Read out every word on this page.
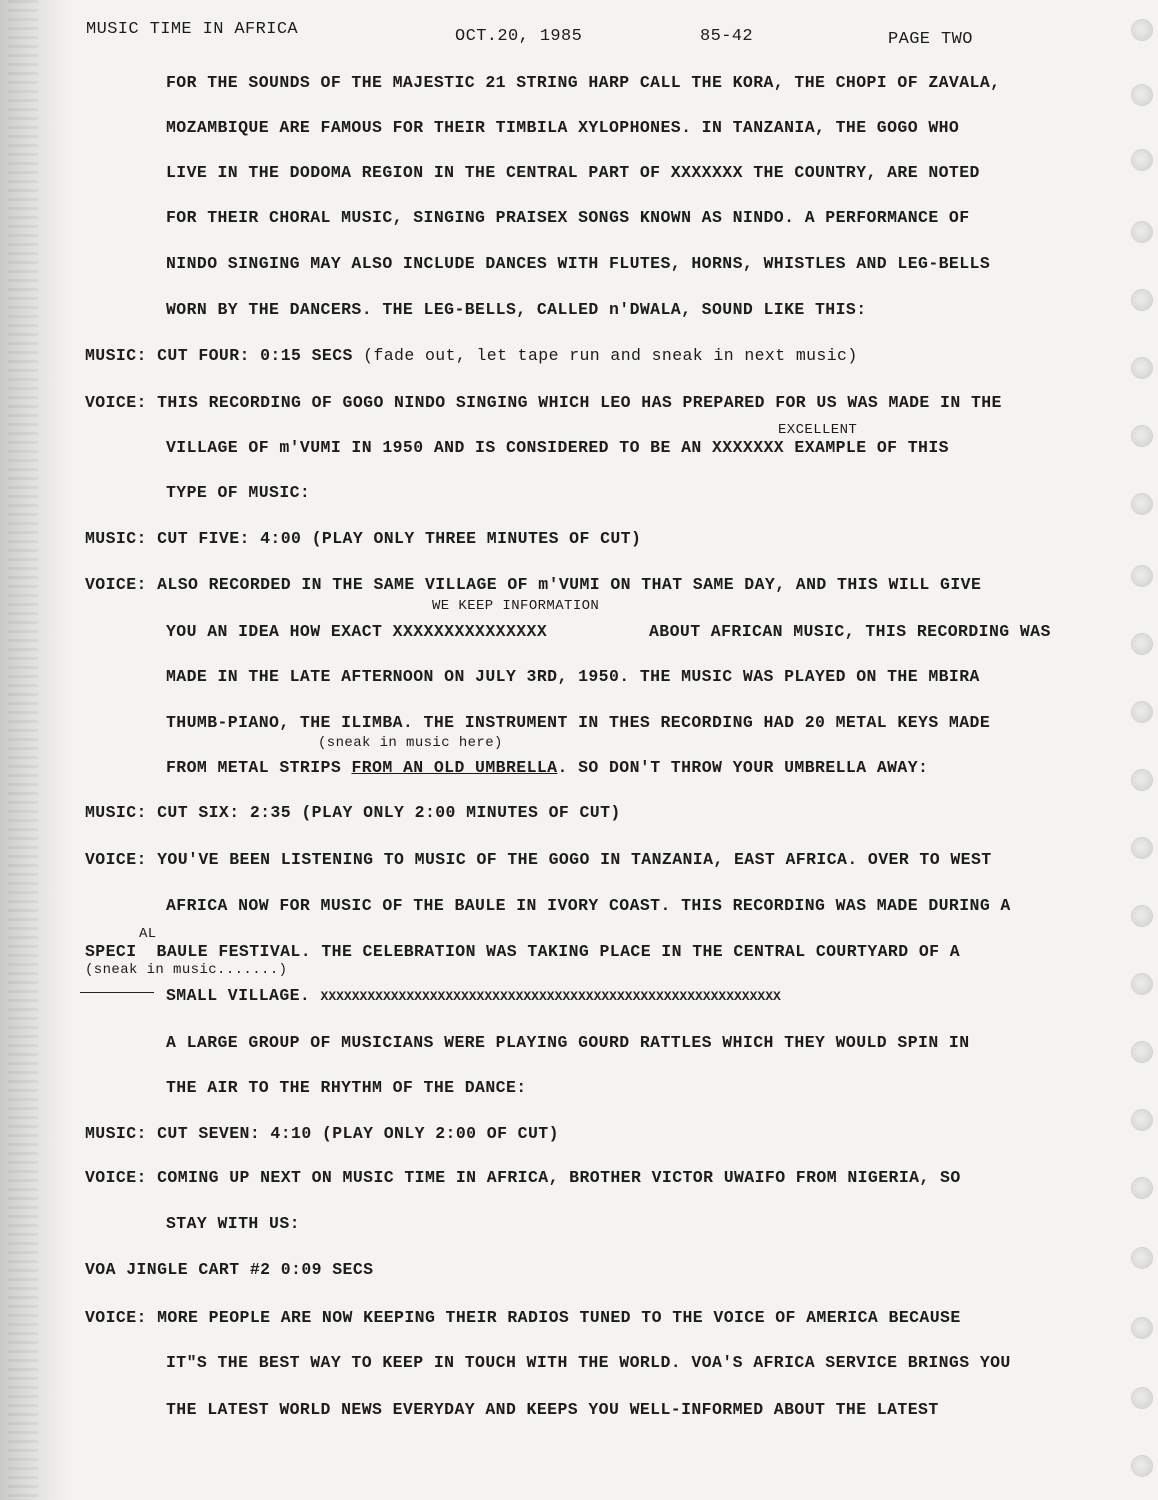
MUSIC TIME IN AFRICA	OCT.20, 1985	85-42	PAGE TWO
FOR THE SOUNDS OF THE MAJESTIC 21 STRING HARP CALL THE KORA, THE CHOPI OF ZAVALA,
MOZAMBIQUE ARE FAMOUS FOR THEIR TIMBILA XYLOPHONES. IN TANZANIA, THE GOGO WHO
LIVE IN THE DODOMA REGION IN THE CENTRAL PART OF XXXXXXX THE COUNTRY, ARE NOTED
FOR THEIR CHORAL MUSIC, SINGING PRAISEX SONGS KNOWN AS NINDO. A PERFORMANCE OF
NINDO SINGING MAY ALSO INCLUDE DANCES WITH FLUTES, HORNS, WHISTLES AND LEG-BELLS
WORN BY THE DANCERS. THE LEG-BELLS, CALLED n'DWALA, SOUND LIKE THIS:
MUSIC: CUT FOUR: 0:15 SECS (fade out, let tape run and sneak in next music)
VOICE: THIS RECORDING OF GOGO NINDO SINGING WHICH LEO HAS PREPARED FOR US WAS MADE IN THE
EXCELLENT
VILLAGE OF m'VUMI IN 1950 AND IS CONSIDERED TO BE AN XXXXXXX EXAMPLE OF THIS
TYPE OF MUSIC:
MUSIC: CUT FIVE: 4:00 (PLAY ONLY THREE MINUTES OF CUT)
VOICE: ALSO RECORDED IN THE SAME VILLAGE OF m'VUMI ON THAT SAME DAY, AND THIS WILL GIVE
WE KEEP INFORMATION
YOU AN IDEA HOW EXACT XXXXXXXXXXXXXXX	ABOUT AFRICAN MUSIC, THIS RECORDING WAS
MADE IN THE LATE AFTERNOON ON JULY 3RD, 1950. THE MUSIC WAS PLAYED ON THE MBIRA
THUMB-PIANO, THE ILIMBA. THE INSTRUMENT IN THES RECORDING HAD 20 METAL KEYS MADE
(sneak in music here)
FROM METAL STRIPS FROM AN OLD UMBRELLA. SO DON'T THROW YOUR UMBRELLA AWAY:
MUSIC: CUT SIX: 2:35 (PLAY ONLY 2:00 MINUTES OF CUT)
VOICE: YOU'VE BEEN LISTENING TO MUSIC OF THE GOGO IN TANZANIA, EAST AFRICA. OVER TO WEST
AFRICA NOW FOR MUSIC OF THE BAULE IN IVORY COAST. THIS RECORDING WAS MADE DURING A
AL
SPECI BAULE FESTIVAL. THE CELEBRATION WAS TAKING PLACE IN THE CENTRAL COURTYARD OF A
(sneak in music.......)
SMALL VILLAGE. XXXXXXXXXXXXXXXXXXXXXXXXXXXXXXXXXXXXXXXXXXXXXXXXXXXXXXXXXXX
A LARGE GROUP OF MUSICIANS WERE PLAYING GOURD RATTLES WHICH THEY WOULD SPIN IN
THE AIR TO THE RHYTHM OF THE DANCE:
MUSIC: CUT SEVEN: 4:10 (PLAY ONLY 2:00 OF CUT)
VOICE: COMING UP NEXT ON MUSIC TIME IN AFRICA, BROTHER VICTOR UWAIFO FROM NIGERIA, SO
STAY WITH US:
VOA JINGLE CART #2 0:09 SECS
VOICE: MORE PEOPLE ARE NOW KEEPING THEIR RADIOS TUNED TO THE VOICE OF AMERICA BECAUSE
IT"S THE BEST WAY TO KEEP IN TOUCH WITH THE WORLD. VOA'S AFRICA SERVICE BRINGS YOU
THE LATEST WORLD NEWS EVERYDAY AND KEEPS YOU WELL-INFORMED ABOUT THE LATEST
